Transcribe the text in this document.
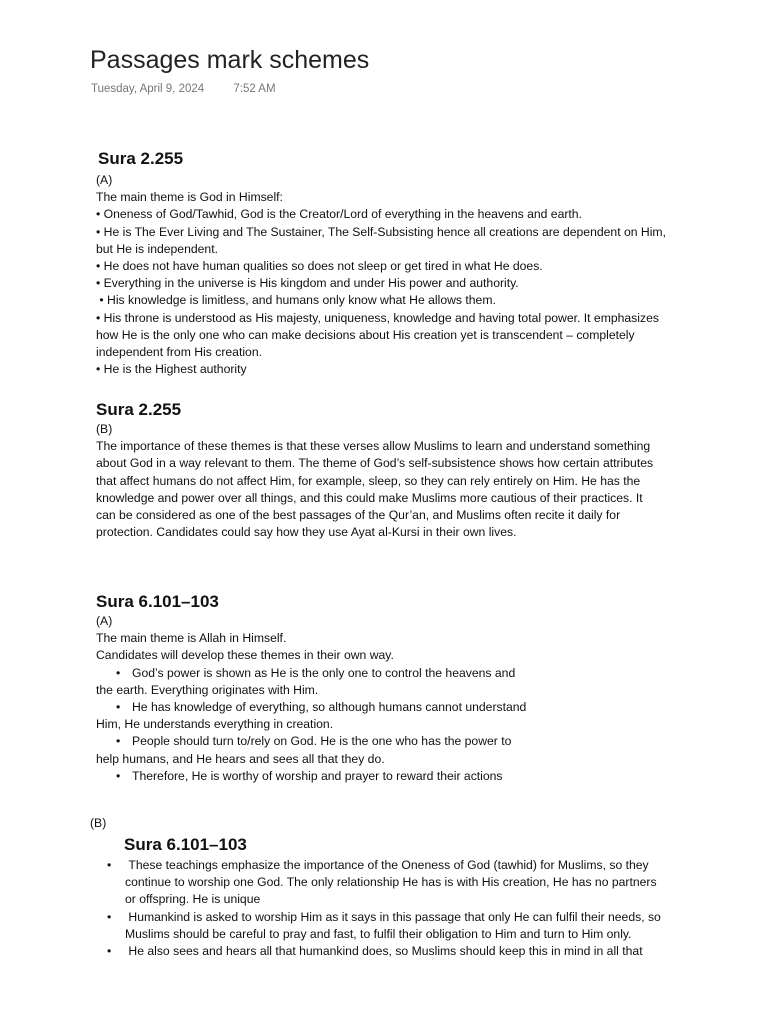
Passages mark schemes
Tuesday, April 9, 2024	7:52 AM

Sura 2.255

(A)

The main theme is God in Himself:

• Oneness of God/Tawhid, God is the Creator/Lord of everything in the heavens and earth.

• He is The Ever Living and The Sustainer, The Self-Subsisting hence all creations are dependent on Him,

but He is independent.

• He does not have human qualities so does not sleep or get tired in what He does.

• Everything in the universe is His kingdom and under His power and authority.

• His knowledge is limitless, and humans only know what He allows them.

• His throne is understood as His majesty, uniqueness, knowledge and having total power. It emphasizes

how He is the only one who can make decisions about His creation yet is transcendent – completely

independent from His creation.

• He is the Highest authority

Sura 2.255

(B)

The importance of these themes is that these verses allow Muslims to learn and understand something

about God in a way relevant to them. The theme of God’s self-subsistence shows how certain attributes

that affect humans do not affect Him, for example, sleep, so they can rely entirely on Him. He has the

knowledge and power over all things, and this could make Muslims more cautious of their practices. It

can be considered as one of the best passages of the Qur’an, and Muslims often recite it daily for

protection. Candidates could say how they use Ayat al-Kursi in their own lives.

Sura 6.101–103

(A)

The main theme is Allah in Himself.

Candidates will develop these themes in their own way.

• God’s power is shown as He is the only one to control the heavens and

the earth. Everything originates with Him.

• He has knowledge of everything, so although humans cannot understand

Him, He understands everything in creation.

• People should turn to/rely on God. He is the one who has the power to

help humans, and He hears and sees all that they do.

• Therefore, He is worthy of worship and prayer to reward their actions

(B)

Sura 6.101–103

• These teachings emphasize the importance of the Oneness of God (tawhid) for Muslims, so they

continue to worship one God. The only relationship He has is with His creation, He has no partners

or offspring. He is unique

• Humankind is asked to worship Him as it says in this passage that only He can fulfil their needs, so

Muslims should be careful to pray and fast, to fulfil their obligation to Him and turn to Him only.

• He also sees and hears all that humankind does, so Muslims should keep this in mind in all that
